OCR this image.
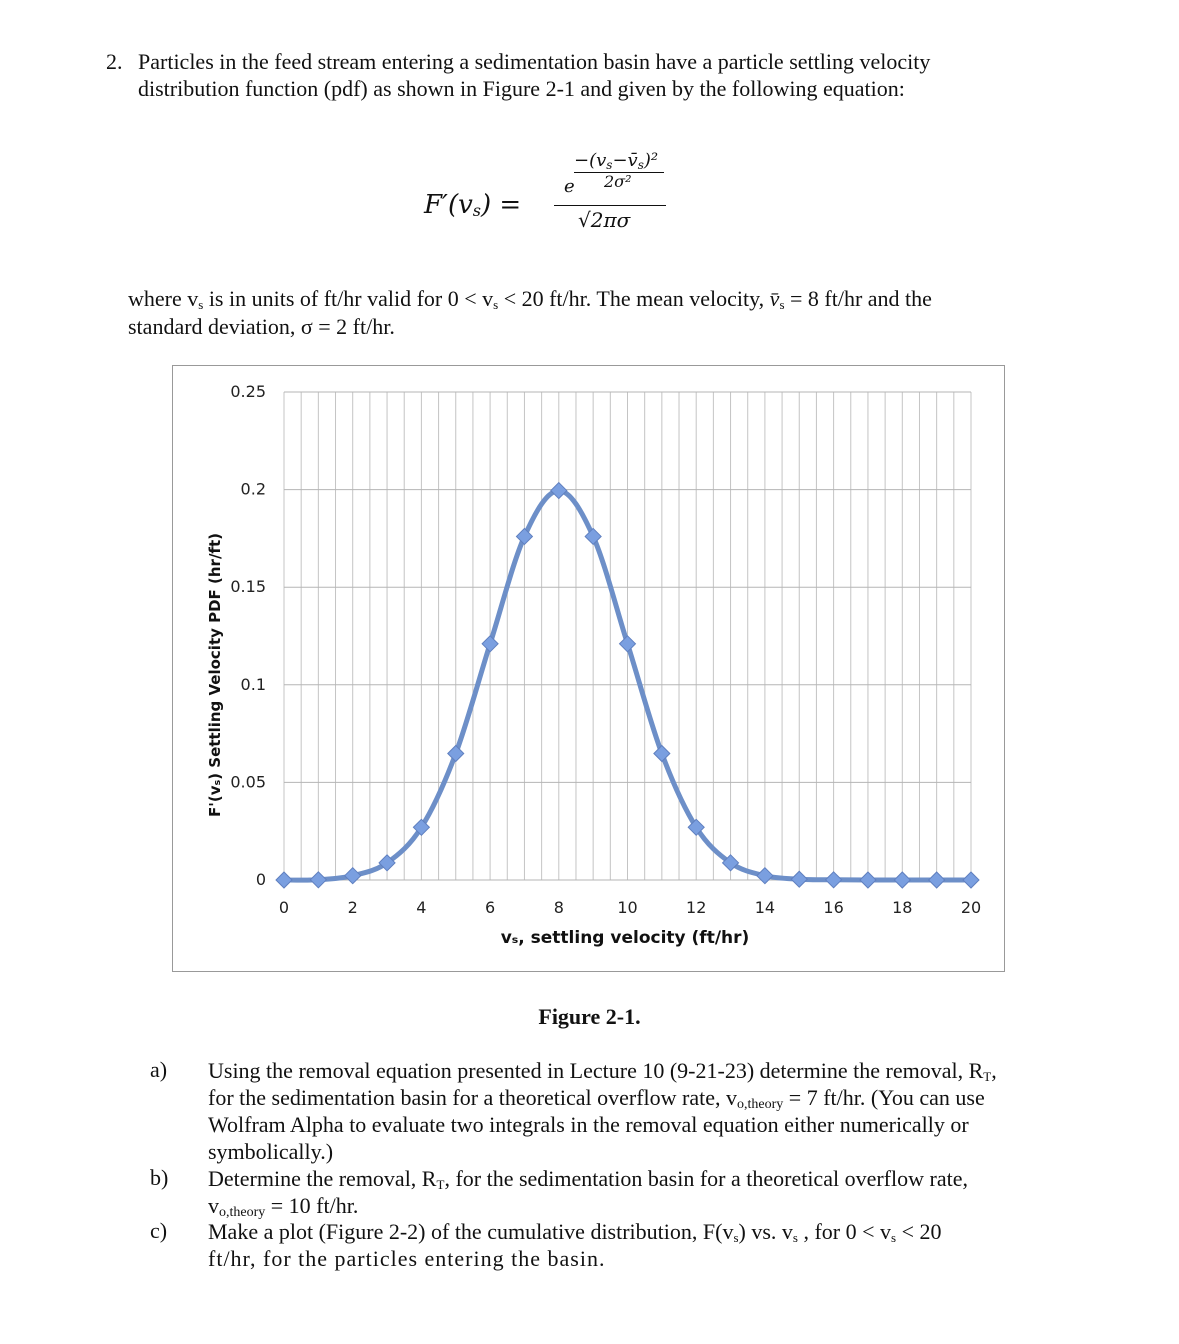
2. Particles in the feed stream entering a sedimentation basin have a particle settling velocity
distribution function (pdf) as shown in Figure 2-1 and given by the following equation:
$F'(v_s)$ =
e
$-(v_s-v̄_s)^2$
2σ²
√2πσ
where $v_s$ is in units of ft/hr valid for $0 < v_s < 20$ ft/hr. The mean velocity, $v̄_s = 8$ ft/hr and the
standard deviation, σ = 2 ft/hr.
0
0.05
0.1
0.15
0.2
0.25
0	2	4	6	8	10	12	14	16	18	20
F'(vₛ) Settling Velocity PDF (hr/ft)
vₛ, settling velocity (ft/hr)
Figure 2-1.
a) Using the removal equation presented in Lecture 10 (9-21-23) determine the removal, $R_T$,
for the sedimentation basin for a theoretical overflow rate, $v_{o,theory} = 7$ ft/hr. (You can use
Wolfram Alpha to evaluate two integrals in the removal equation either numerically or
symbolically.)
b) Determine the removal, $R_T$, for the sedimentation basin for a theoretical overflow rate,
$v_{o,theory} = 10$ ft/hr.
c) Make a plot (Figure 2-2) of the cumulative distribution, $F(v_s)$ vs. $v_s$ , for $0 < v_s < 20$
ft/hr, for the particles entering the basin.
